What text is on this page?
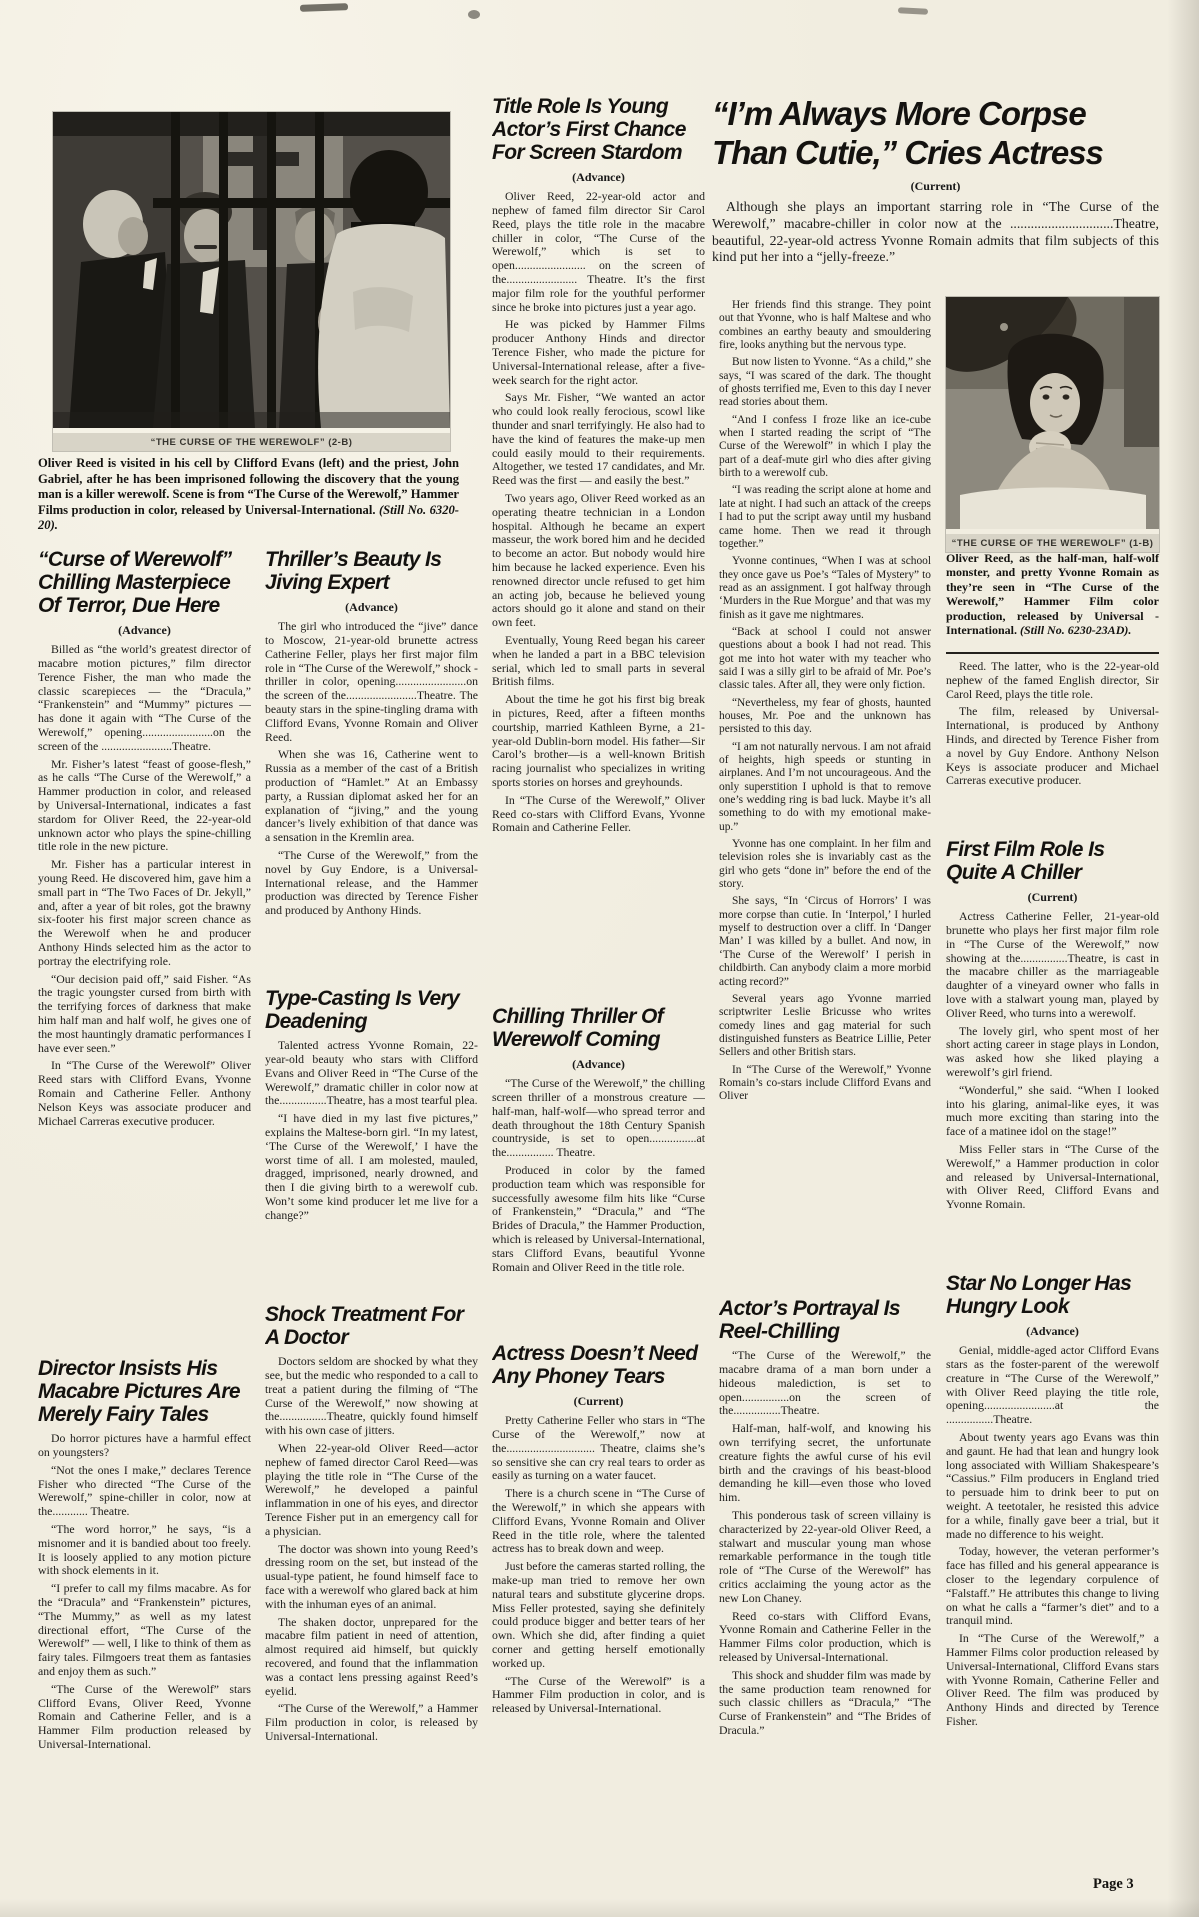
“THE CURSE OF THE WEREWOLF” (2-B)

Oliver Reed is visited in his cell by Clifford Evans (left) and the priest, John Gabriel, after he has been imprisoned following the discovery that the young man is a killer werewolf. Scene is from “The Curse of the Werewolf,” Hammer Films production in color, released by Universal-International. (Still No. 6320-20).

“Curse of Werewolf” Chilling Masterpiece Of Terror, Due Here
(Advance)

Billed as “the world’s greatest director of macabre motion pictures,” film director Terence Fisher, the man who made the classic scarepieces — the “Dracula,” “Frankenstein” and “Mummy” pictures — has done it again with “The Curse of the Werewolf,” opening........................on the screen of the ........................Theatre.

Mr. Fisher’s latest “feast of goose-flesh,” as he calls “The Curse of the Werewolf,” a Hammer production in color, and released by Universal-International, indicates a fast stardom for Oliver Reed, the 22-year-old unknown actor who plays the spine-chilling title role in the new picture.

Mr. Fisher has a particular interest in young Reed. He discovered him, gave him a small part in “The Two Faces of Dr. Jekyll,” and, after a year of bit roles, got the brawny six-footer his first major screen chance as the Werewolf when he and producer Anthony Hinds selected him as the actor to portray the electrifying role.

“Our decision paid off,” said Fisher. “As the tragic youngster cursed from birth with the terrifying forces of darkness that make him half man and half wolf, he gives one of the most hauntingly dramatic performances I have ever seen.”

In “The Curse of the Werewolf” Oliver Reed stars with Clifford Evans, Yvonne Romain and Catherine Feller. Anthony Nelson Keys was associate producer and Michael Carreras executive producer.

Director Insists His Macabre Pictures Are Merely Fairy Tales

Do horror pictures have a harmful effect on youngsters?

“Not the ones I make,” declares Terence Fisher who directed “The Curse of the Werewolf,” spine-chiller in color, now at the............ Theatre.

“The word horror,” he says, “is a misnomer and it is bandied about too freely. It is loosely applied to any motion picture with shock elements in it.

“I prefer to call my films macabre. As for the “Dracula” and “Frankenstein” pictures, “The Mummy,” as well as my latest directional effort, “The Curse of the Werewolf” — well, I like to think of them as fairy tales. Filmgoers treat them as fantasies and enjoy them as such.”

“The Curse of the Werewolf” stars Clifford Evans, Oliver Reed, Yvonne Romain and Catherine Feller, and is a Hammer Film production released by Universal-International.

Thriller’s Beauty Is Jiving Expert
(Advance)

The girl who introduced the “jive” dance to Moscow, 21-year-old brunette actress Catherine Feller, plays her first major film role in “The Curse of the Werewolf,” shock - thriller in color, opening........................on the screen of the........................Theatre. The beauty stars in the spine-tingling drama with Clifford Evans, Yvonne Romain and Oliver Reed.

When she was 16, Catherine went to Russia as a member of the cast of a British production of “Hamlet.” At an Embassy party, a Russian diplomat asked her for an explanation of “jiving,” and the young dancer’s lively exhibition of that dance was a sensation in the Kremlin area.

“The Curse of the Werewolf,” from the novel by Guy Endore, is a Universal-International release, and the Hammer production was directed by Terence Fisher and produced by Anthony Hinds.

Type-Casting Is Very Deadening

Talented actress Yvonne Romain, 22-year-old beauty who stars with Clifford Evans and Oliver Reed in “The Curse of the Werewolf,” dramatic chiller in color now at the................Theatre, has a most tearful plea.

“I have died in my last five pictures,” explains the Maltese-born girl. “In my latest, ‘The Curse of the Werewolf,’ I have the worst time of all. I am molested, mauled, dragged, imprisoned, nearly drowned, and then I die giving birth to a werewolf cub. Won’t some kind producer let me live for a change?”

Shock Treatment For A Doctor

Doctors seldom are shocked by what they see, but the medic who responded to a call to treat a patient during the filming of “The Curse of the Werewolf,” now showing at the................Theatre, quickly found himself with his own case of jitters.

When 22-year-old Oliver Reed—actor nephew of famed director Carol Reed—was playing the title role in “The Curse of the Werewolf,” he developed a painful inflammation in one of his eyes, and director Terence Fisher put in an emergency call for a physician.

The doctor was shown into young Reed’s dressing room on the set, but instead of the usual-type patient, he found himself face to face with a werewolf who glared back at him with the inhuman eyes of an animal.

The shaken doctor, unprepared for the macabre film patient in need of attention, almost required aid himself, but quickly recovered, and found that the inflammation was a contact lens pressing against Reed’s eyelid.

“The Curse of the Werewolf,” a Hammer Film production in color, is released by Universal-International.

Title Role Is Young Actor’s First Chance For Screen Stardom
(Advance)

Oliver Reed, 22-year-old actor and nephew of famed film director Sir Carol Reed, plays the title role in the macabre chiller in color, “The Curse of the Werewolf,” which is set to open........................ on the screen of the........................ Theatre. It’s the first major film role for the youthful performer since he broke into pictures just a year ago.

He was picked by Hammer Films producer Anthony Hinds and director Terence Fisher, who made the picture for Universal-International release, after a five-week search for the right actor.

Says Mr. Fisher, “We wanted an actor who could look really ferocious, scowl like thunder and snarl terrifyingly. He also had to have the kind of features the make-up men could easily mould to their requirements. Altogether, we tested 17 candidates, and Mr. Reed was the first — and easily the best.”

Two years ago, Oliver Reed worked as an operating theatre technician in a London hospital. Although he became an expert masseur, the work bored him and he decided to become an actor. But nobody would hire him because he lacked experience. Even his renowned director uncle refused to get him an acting job, because he believed young actors should go it alone and stand on their own feet.

Eventually, Young Reed began his career when he landed a part in a BBC television serial, which led to small parts in several British films.

About the time he got his first big break in pictures, Reed, after a fifteen months courtship, married Kathleen Byrne, a 21-year-old Dublin-born model. His father—Sir Carol’s brother—is a well-known British racing journalist who specializes in writing sports stories on horses and greyhounds.

In “The Curse of the Werewolf,” Oliver Reed co-stars with Clifford Evans, Yvonne Romain and Catherine Feller.

Chilling Thriller Of Werewolf Coming
(Advance)

“The Curse of the Werewolf,” the chilling screen thriller of a monstrous creature — half-man, half-wolf—who spread terror and death throughout the 18th Century Spanish countryside, is set to open................at the................ Theatre.

Produced in color by the famed production team which was responsible for successfully awesome film hits like “Curse of Frankenstein,” “Dracula,” and “The Brides of Dracula,” the Hammer Production, which is released by Universal-International, stars Clifford Evans, beautiful Yvonne Romain and Oliver Reed in the title role.

Actress Doesn’t Need Any Phoney Tears
(Current)

Pretty Catherine Feller who stars in “The Curse of the Werewolf,” now at the.............................. Theatre, claims she’s so sensitive she can cry real tears to order as easily as turning on a water faucet.

There is a church scene in “The Curse of the Werewolf,” in which she appears with Clifford Evans, Yvonne Romain and Oliver Reed in the title role, where the talented actress has to break down and weep.

Just before the cameras started rolling, the make-up man tried to remove her own natural tears and substitute glycerine drops. Miss Feller protested, saying she definitely could produce bigger and better tears of her own. Which she did, after finding a quiet corner and getting herself emotionally worked up.

“The Curse of the Werewolf” is a Hammer Film production in color, and is released by Universal-International.

“I’m Always More Corpse Than Cutie,” Cries Actress
(Current)

Although she plays an important starring role in “The Curse of the Werewolf,” macabre-chiller in color now at the ..............................Theatre, beautiful, 22-year-old actress Yvonne Romain admits that film subjects of this kind put her into a “jelly-freeze.”

Her friends find this strange. They point out that Yvonne, who is half Maltese and who combines an earthy beauty and smouldering fire, looks anything but the nervous type.

But now listen to Yvonne. “As a child,” she says, “I was scared of the dark. The thought of ghosts terrified me, Even to this day I never read stories about them.

“And I confess I froze like an ice-cube when I started reading the script of “The Curse of the Werewolf” in which I play the part of a deaf-mute girl who dies after giving birth to a werewolf cub.

“I was reading the script alone at home and late at night. I had such an attack of the creeps I had to put the script away until my husband came home. Then we read it through together.”

Yvonne continues, “When I was at school they once gave us Poe’s “Tales of Mystery” to read as an assignment. I got halfway through ‘Murders in the Rue Morgue’ and that was my finish as it gave me nightmares.

“Back at school I could not answer questions about a book I had not read. This got me into hot water with my teacher who said I was a silly girl to be afraid of Mr. Poe’s classic tales. After all, they were only fiction.

“Nevertheless, my fear of ghosts, haunted houses, Mr. Poe and the unknown has persisted to this day.

“I am not naturally nervous. I am not afraid of heights, high speeds or stunting in airplanes. And I’m not uncourageous. And the only superstition I uphold is that to remove one’s wedding ring is bad luck. Maybe it’s all something to do with my emotional make-up.”

Yvonne has one complaint. In her film and television roles she is invariably cast as the girl who gets “done in” before the end of the story.

She says, “In ‘Circus of Horrors’ I was more corpse than cutie. In ‘Interpol,’ I hurled myself to destruction over a cliff. In ‘Danger Man’ I was killed by a bullet. And now, in ‘The Curse of the Werewolf’ I perish in childbirth. Can anybody claim a more morbid acting record?”

Several years ago Yvonne married scriptwriter Leslie Bricusse who writes comedy lines and gag material for such distinguished funsters as Beatrice Lillie, Peter Sellers and other British stars.

In “The Curse of the Werewolf,” Yvonne Romain’s co-stars include Clifford Evans and Oliver

Actor’s Portrayal Is Reel-Chilling

“The Curse of the Werewolf,” the macabre drama of a man born under a hideous malediction, is set to open................on the screen of the................Theatre.

Half-man, half-wolf, and knowing his own terrifying secret, the unfortunate creature fights the awful curse of his evil birth and the cravings of his beast-blood demanding he kill—even those who loved him.

This ponderous task of screen villainy is characterized by 22-year-old Oliver Reed, a stalwart and muscular young man whose remarkable performance in the tough title role of “The Curse of the Werewolf” has critics acclaiming the young actor as the new Lon Chaney.

Reed co-stars with Clifford Evans, Yvonne Romain and Catherine Feller in the Hammer Films color production, which is released by Universal-International.

This shock and shudder film was made by the same production team renowned for such classic chillers as “Dracula,” “The Curse of Frankenstein” and “The Brides of Dracula.”

“THE CURSE OF THE WEREWOLF” (1-B)

Oliver Reed, as the half-man, half-wolf monster, and pretty Yvonne Romain as they’re seen in “The Curse of the Werewolf,” Hammer Film color production, released by Universal - International. (Still No. 6230-23AD).

Reed. The latter, who is the 22-year-old nephew of the famed English director, Sir Carol Reed, plays the title role.

The film, released by Universal-International, is produced by Anthony Hinds, and directed by Terence Fisher from a novel by Guy Endore. Anthony Nelson Keys is associate producer and Michael Carreras executive producer.

First Film Role Is Quite A Chiller
(Current)

Actress Catherine Feller, 21-year-old brunette who plays her first major film role in “The Curse of the Werewolf,” now showing at the................Theatre, is cast in the macabre chiller as the marriageable daughter of a vineyard owner who falls in love with a stalwart young man, played by Oliver Reed, who turns into a werewolf.

The lovely girl, who spent most of her short acting career in stage plays in London, was asked how she liked playing a werewolf’s girl friend.

“Wonderful,” she said. “When I looked into his glaring, animal-like eyes, it was much more exciting than staring into the face of a matinee idol on the stage!”

Miss Feller stars in “The Curse of the Werewolf,” a Hammer production in color and released by Universal-International, with Oliver Reed, Clifford Evans and Yvonne Romain.

Star No Longer Has Hungry Look
(Advance)

Genial, middle-aged actor Clifford Evans stars as the foster-parent of the werewolf creature in “The Curse of the Werewolf,” with Oliver Reed playing the title role, opening........................at the ................Theatre.

About twenty years ago Evans was thin and gaunt. He had that lean and hungry look long associated with William Shakespeare’s “Cassius.” Film producers in England tried to persuade him to drink beer to put on weight. A teetotaler, he resisted this advice for a while, finally gave beer a trial, but it made no difference to his weight.

Today, however, the veteran performer’s face has filled and his general appearance is closer to the legendary corpulence of “Falstaff.” He attributes this change to living on what he calls a “farmer’s diet” and to a tranquil mind.

In “The Curse of the Werewolf,” a Hammer Films color production released by Universal-International, Clifford Evans stars with Yvonne Romain, Catherine Feller and Oliver Reed. The film was produced by Anthony Hinds and directed by Terence Fisher.

Page 3
